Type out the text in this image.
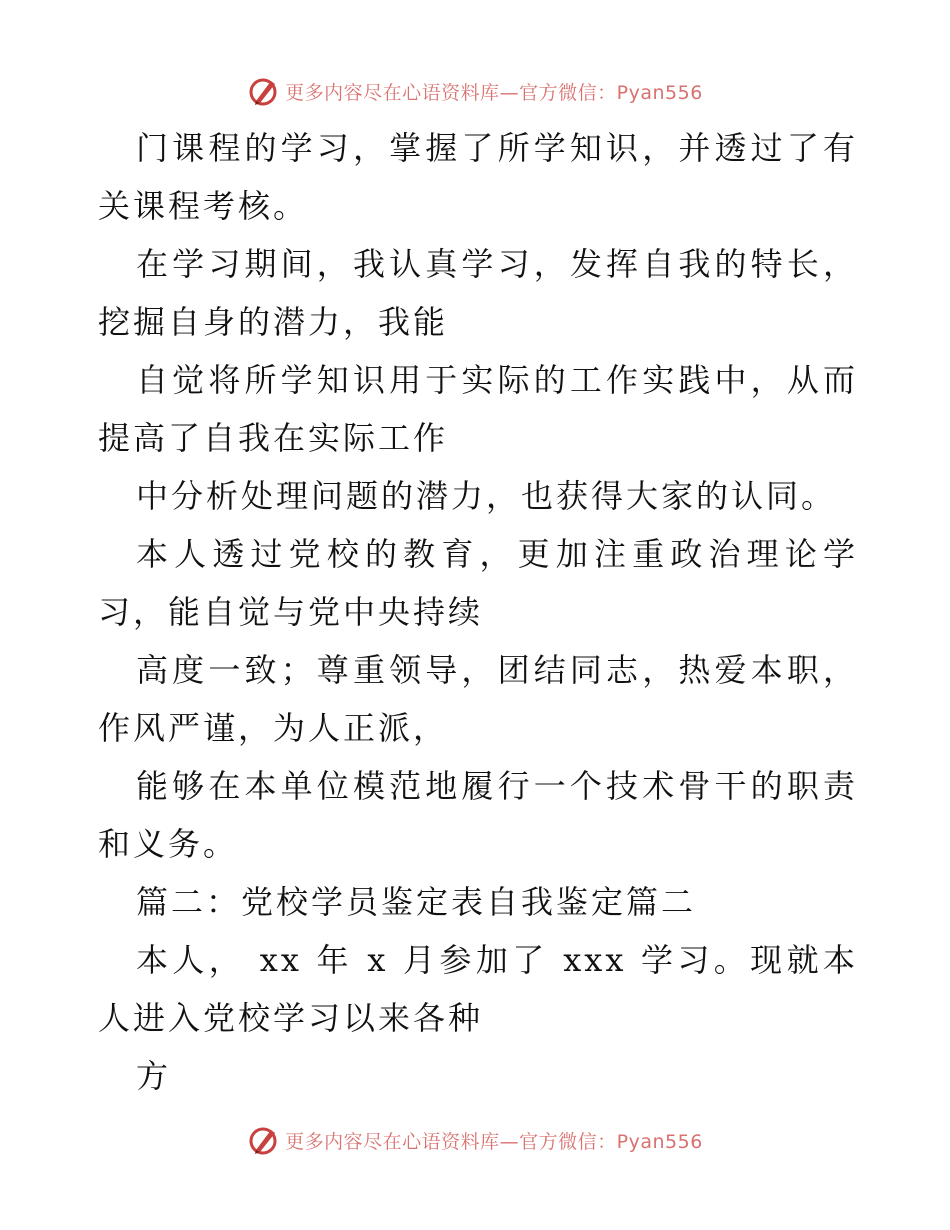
更多内容尽在心语资料库—官方微信：Pyan556

门课程的学习，掌握了所学知识，并透过了有关课程考核。

在学习期间，我认真学习，发挥自我的特长，挖掘自身的潜力，我能

自觉将所学知识用于实际的工作实践中，从而提高了自我在实际工作

中分析处理问题的潜力，也获得大家的认同。

本人透过党校的教育，更加注重政治理论学习，能自觉与党中央持续

高度一致；尊重领导，团结同志，热爱本职，作风严谨，为人正派，

能够在本单位模范地履行一个技术骨干的职责和义务。

篇二：党校学员鉴定表自我鉴定篇二

本人， xx 年 x 月参加了 xxx 学习。现就本人进入党校学习以来各种

方

更多内容尽在心语资料库—官方微信：Pyan556
